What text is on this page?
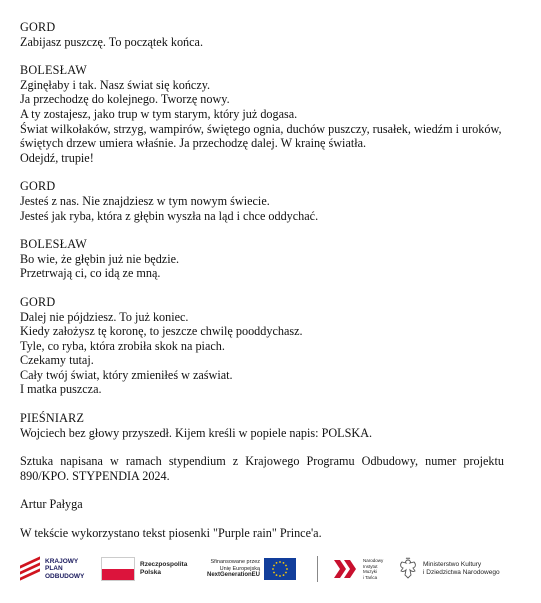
GORD
Zabijasz puszczę. To początek końca.
BOLESŁAW
Zginęłaby i tak. Nasz świat się kończy.
Ja przechodzę do kolejnego. Tworzę nowy.
A ty zostajesz, jako trup w tym starym, który już dogasa.
Świat wilkołaków, strzyg, wampirów, świętego ognia, duchów puszczy, rusałek, wiedźm i uroków,
świętych drzew umiera właśnie. Ja przechodzę dalej. W krainę światła.
Odejdź, trupie!
GORD
Jesteś z nas. Nie znajdziesz w tym nowym świecie.
Jesteś jak ryba, która z głębin wyszła na ląd i chce oddychać.
BOLESŁAW
Bo wie, że głębin już nie będzie.
Przetrwają ci, co idą ze mną.
GORD
Dalej nie pójdziesz. To już koniec.
Kiedy założysz tę koronę, to jeszcze chwilę pooddychasz.
Tyle, co ryba, która zrobiła skok na piach.
Czekamy tutaj.
Cały twój świat, który zmieniłeś w zaświat.
I matka puszcza.
PIEŚNIARZ
Wojciech bez głowy przyszedł. Kijem kreśli w popiele napis: POLSKA.
Sztuka napisana w ramach stypendium z Krajowego Programu Odbudowy, numer projektu 890/KPO. STYPENDIA 2024.
Artur Pałyga
W tekście wykorzystano tekst piosenki "Purple rain" Prince'a.
KRAJOWY
PLAN
ODBUDOWY
Rzeczpospolita
Polska
Sfinansowane przez
Unię Europejską
NextGenerationEU
Narodowy
Instytut
Muzyki
i Tańca
Ministerstwo Kultury
i Dziedzictwa Narodowego
